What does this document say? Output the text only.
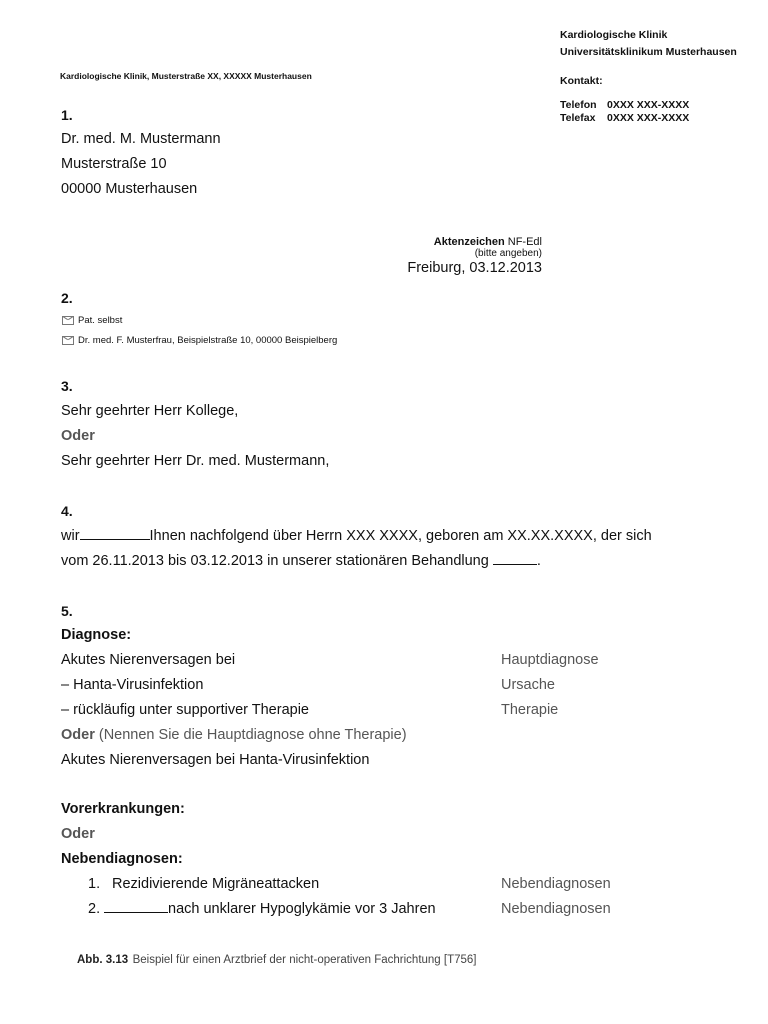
Kardiologische Klinik
Universitätsklinikum Musterhausen
Kontakt:
Telefon 0XXX XXX-XXXX
Telefax 0XXX XXX-XXXX
Kardiologische Klinik, Musterstraße XX, XXXXX Musterhausen
1.
Dr. med. M. Mustermann
Musterstraße 10
00000 Musterhausen
Aktenzeichen NF-Edl
(bitte angeben)
Freiburg, 03.12.2013
2.
Pat. selbst
Dr. med. F. Musterfrau, Beispielstraße 10, 00000 Beispielberg
3.
Sehr geehrter Herr Kollege,
Oder
Sehr geehrter Herr Dr. med. Mustermann,
4.
wir	Ihnen nachfolgend über Herrn XXX XXXX, geboren am XX.XX.XXXX, der sich
vom 26.11.2013 bis 03.12.2013 in unserer stationären Behandlung	.
5.
Diagnose:
Akutes Nierenversagen bei	Hauptdiagnose
– Hanta-Virusinfektion	Ursache
– rückläufig unter supportiver Therapie	Therapie
Oder (Nennen Sie die Hauptdiagnose ohne Therapie)
Akutes Nierenversagen bei Hanta-Virusinfektion
Vorerkrankungen:
Oder
Nebendiagnosen:
1. Rezidivierende Migräneattacken	Nebendiagnosen
2.	nach unklarer Hypoglykämie vor 3 Jahren	Nebendiagnosen
Abb. 3.13 Beispiel für einen Arztbrief der nicht-operativen Fachrichtung [T756]
